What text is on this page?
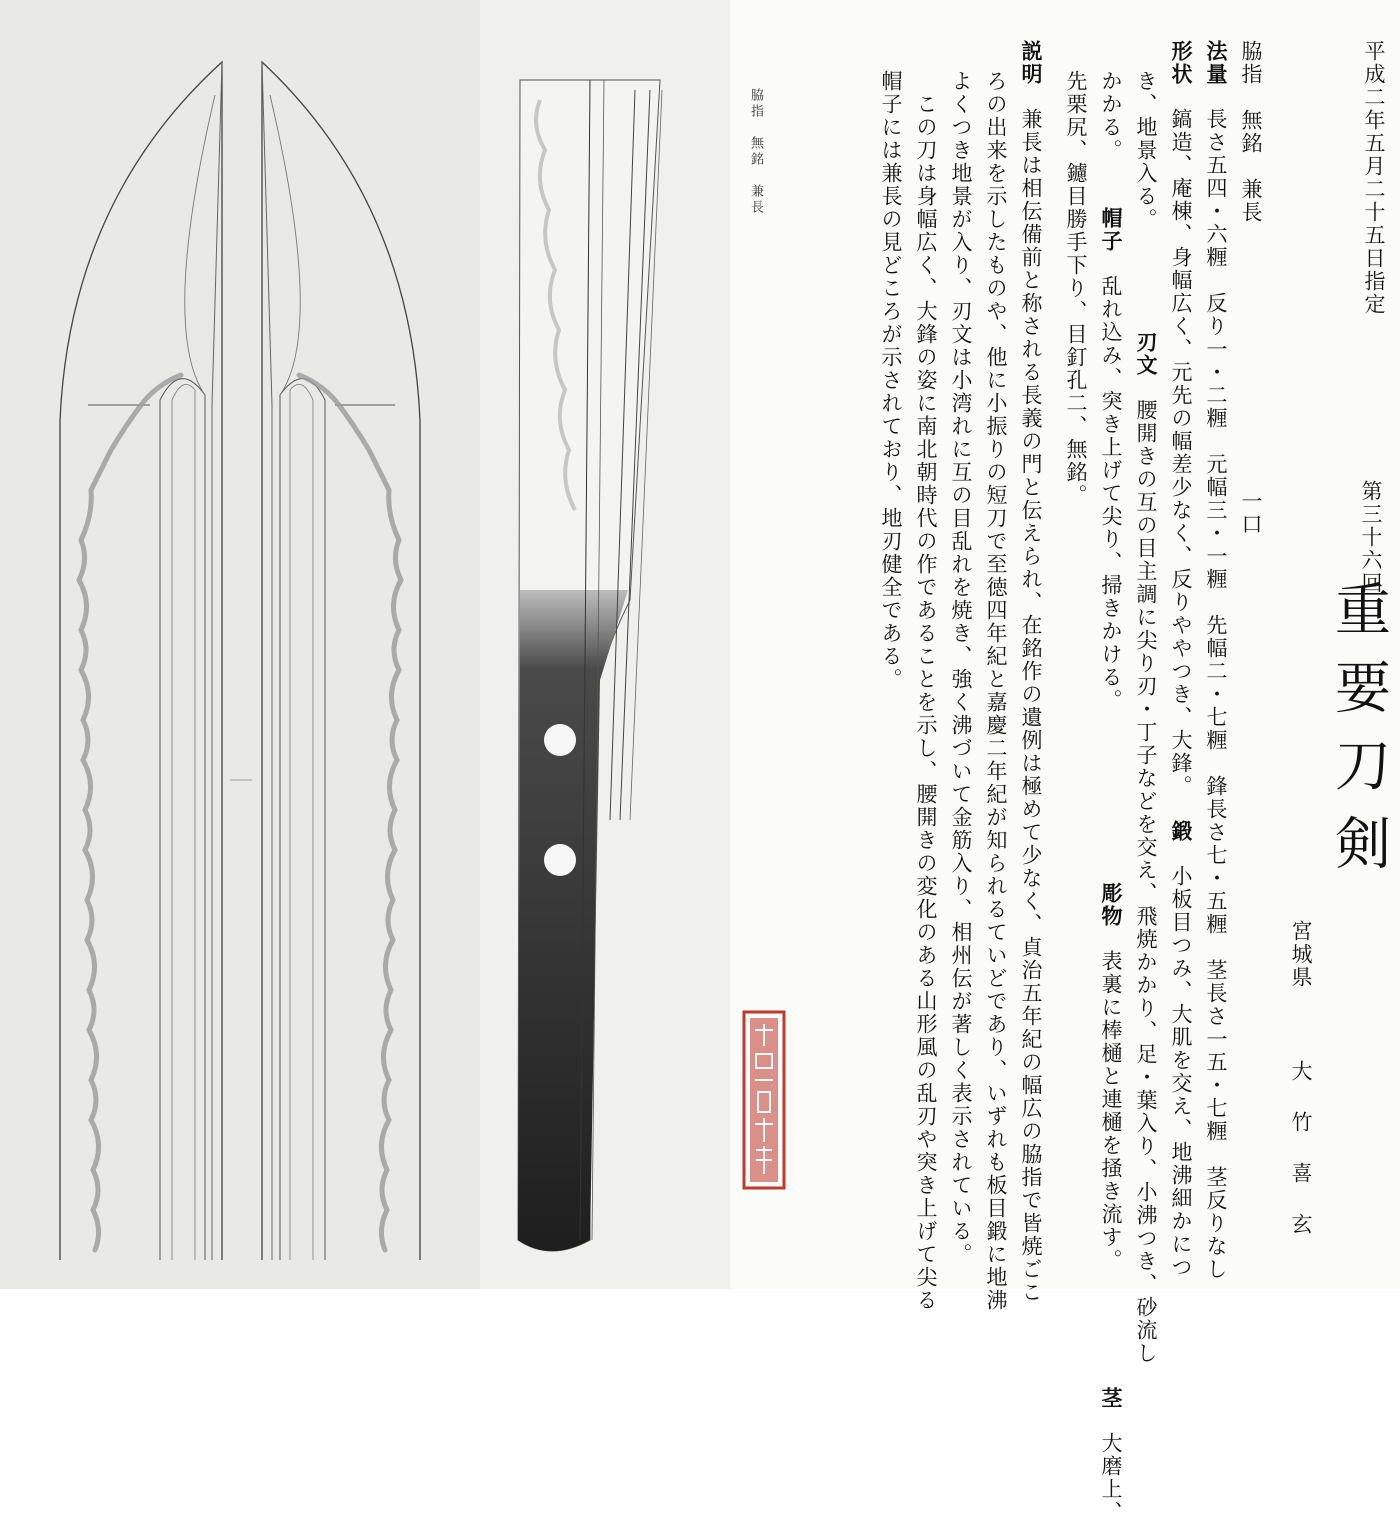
脇指　無銘　兼長	平成二年五月二十五日指定
第三十六回
重要刀剣
宮城県
大竹喜玄
脇指　無銘　兼長
一口
法量長さ五四・六糎　反り一・二糎　元幅三・一糎　先幅二・七糎　鋒長さ七・五糎　茎長さ一五・七糎　茎反りなし
形状鎬造、庵棟、身幅広く、元先の幅差少なく、反りややつき、大鋒。鍛小板目つみ、大肌を交え、地沸細かにつ
き、地景入る。刃文腰開きの互の目主調に尖り刃・丁子などを交え、飛焼かかり、足・葉入り、小沸つき、砂流し
かかる。帽子乱れ込み、突き上げて尖り、掃きかける。彫物表裏に棒樋と連樋を掻き流す。茎大磨上、
先栗尻、鑢目勝手下り、目釘孔二、無銘。
説明兼長は相伝備前と称される長義の門と伝えられ、在銘作の遺例は極めて少なく、貞治五年紀の幅広の脇指で皆焼ごこ
ろの出来を示したものや、他に小振りの短刀で至徳四年紀と嘉慶二年紀が知られるていどであり、いずれも板目鍛に地沸
よくつき地景が入り、刃文は小湾れに互の目乱れを焼き、強く沸づいて金筋入り、相州伝が著しく表示されている。
この刀は身幅広く、大鋒の姿に南北朝時代の作であることを示し、腰開きの変化のある山形風の乱刃や突き上げて尖る
帽子には兼長の見どころが示されており、地刃健全である。
